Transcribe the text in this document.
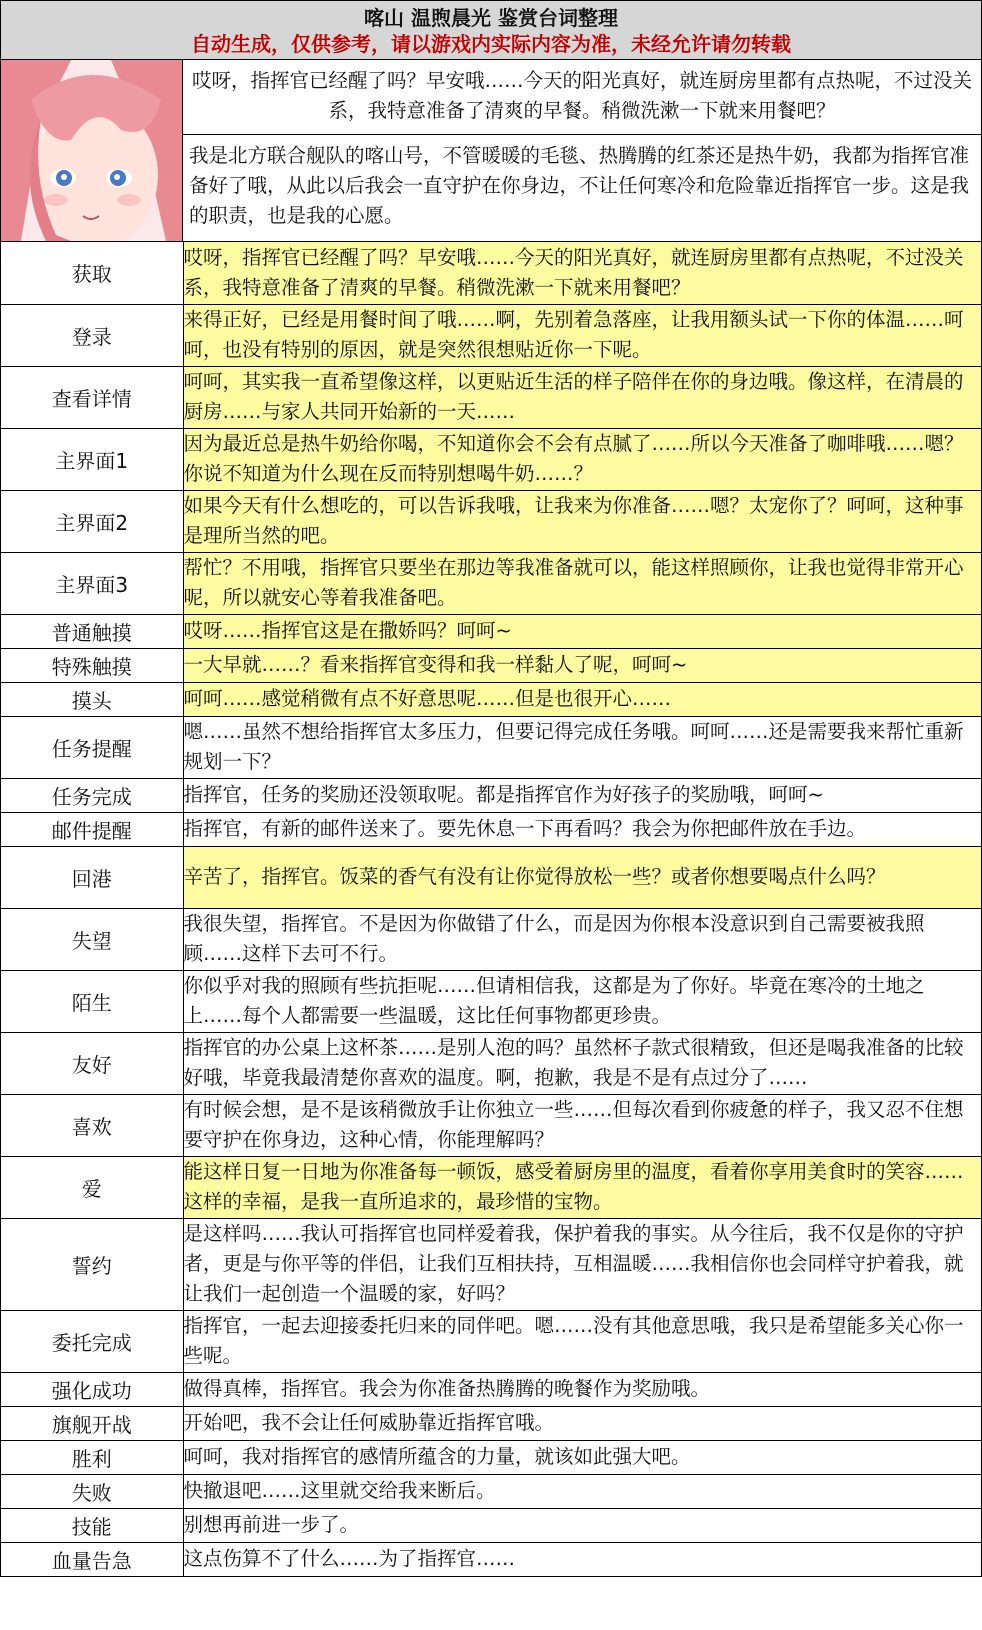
喀山 温煦晨光 鉴赏台词整理
自动生成，仅供参考，请以游戏内实际内容为准，未经允许请勿转载
哎呀，指挥官已经醒了吗？早安哦……今天的阳光真好，就连厨房里都有点热呢，不过没关系，我特意准备了清爽的早餐。稍微洗漱一下就来用餐吧？
我是北方联合舰队的喀山号，不管暖暖的毛毯、热腾腾的红茶还是热牛奶，我都为指挥官准备好了哦，从此以后我会一直守护在你身边，不让任何寒冷和危险靠近指挥官一步。这是我的职责，也是我的心愿。
获取	哎呀，指挥官已经醒了吗？早安哦……今天的阳光真好，就连厨房里都有点热呢，不过没关系，我特意准备了清爽的早餐。稍微洗漱一下就来用餐吧？
登录	来得正好，已经是用餐时间了哦……啊，先别着急落座，让我用额头试一下你的体温……呵呵，也没有特别的原因，就是突然很想贴近你一下呢。
查看详情	呵呵，其实我一直希望像这样，以更贴近生活的样子陪伴在你的身边哦。像这样，在清晨的厨房……与家人共同开始新的一天……
主界面1	因为最近总是热牛奶给你喝，不知道你会不会有点腻了……所以今天准备了咖啡哦……嗯？你说不知道为什么现在反而特别想喝牛奶……？
主界面2	如果今天有什么想吃的，可以告诉我哦，让我来为你准备……嗯？太宠你了？呵呵，这种事是理所当然的吧。
主界面3	帮忙？不用哦，指挥官只要坐在那边等我准备就可以，能这样照顾你，让我也觉得非常开心呢，所以就安心等着我准备吧。
普通触摸	哎呀……指挥官这是在撒娇吗？呵呵~
特殊触摸	一大早就……？看来指挥官变得和我一样黏人了呢，呵呵~
摸头	呵呵……感觉稍微有点不好意思呢……但是也很开心……
任务提醒	嗯……虽然不想给指挥官太多压力，但要记得完成任务哦。呵呵……还是需要我来帮忙重新规划一下？
任务完成	指挥官，任务的奖励还没领取呢。都是指挥官作为好孩子的奖励哦，呵呵~
邮件提醒	指挥官，有新的邮件送来了。要先休息一下再看吗？我会为你把邮件放在手边。
回港	辛苦了，指挥官。饭菜的香气有没有让你觉得放松一些？或者你想要喝点什么吗？
失望	我很失望，指挥官。不是因为你做错了什么，而是因为你根本没意识到自己需要被我照顾……这样下去可不行。
陌生	你似乎对我的照顾有些抗拒呢……但请相信我，这都是为了你好。毕竟在寒冷的土地之上……每个人都需要一些温暖，这比任何事物都更珍贵。
友好	指挥官的办公桌上这杯茶……是别人泡的吗？虽然杯子款式很精致，但还是喝我准备的比较好哦，毕竟我最清楚你喜欢的温度。啊，抱歉，我是不是有点过分了……
喜欢	有时候会想，是不是该稍微放手让你独立一些……但每次看到你疲惫的样子，我又忍不住想要守护在你身边，这种心情，你能理解吗？
爱	能这样日复一日地为你准备每一顿饭，感受着厨房里的温度，看着你享用美食时的笑容……这样的幸福，是我一直所追求的，最珍惜的宝物。
誓约	是这样吗……我认可指挥官也同样爱着我，保护着我的事实。从今往后，我不仅是你的守护者，更是与你平等的伴侣，让我们互相扶持，互相温暖……我相信你也会同样守护着我，就让我们一起创造一个温暖的家，好吗？
委托完成	指挥官，一起去迎接委托归来的同伴吧。嗯……没有其他意思哦，我只是希望能多关心你一些呢。
强化成功	做得真棒，指挥官。我会为你准备热腾腾的晚餐作为奖励哦。
旗舰开战	开始吧，我不会让任何威胁靠近指挥官哦。
胜利	呵呵，我对指挥官的感情所蕴含的力量，就该如此强大吧。
失败	快撤退吧……这里就交给我来断后。
技能	别想再前进一步了。
血量告急	这点伤算不了什么……为了指挥官……
